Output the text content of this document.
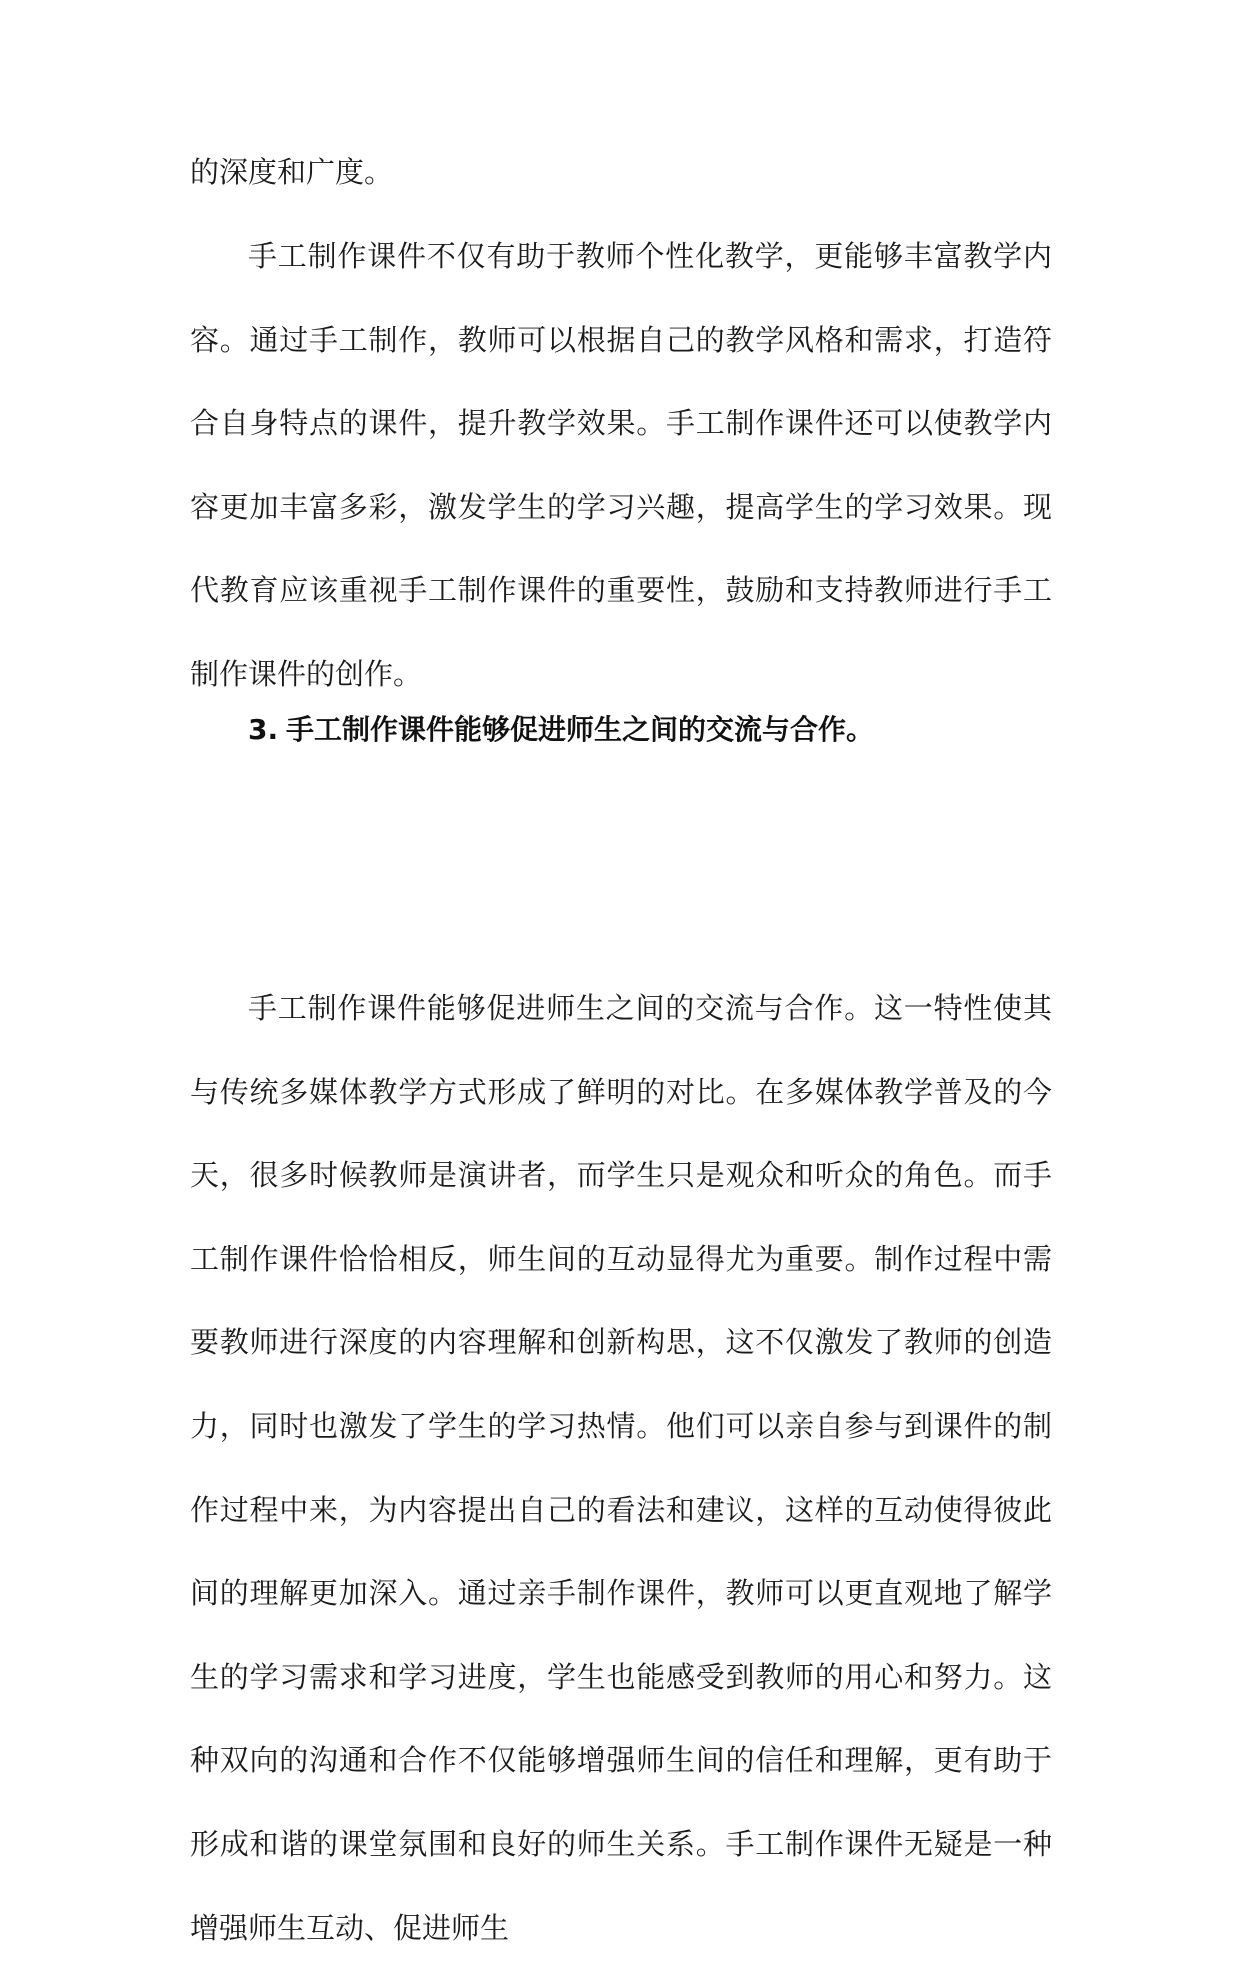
的深度和广度。

手工制作课件不仅有助于教师个性化教学，更能够丰富教学内容。通过手工制作，教师可以根据自己的教学风格和需求，打造符合自身特点的课件，提升教学效果。手工制作课件还可以使教学内容更加丰富多彩，激发学生的学习兴趣，提高学生的学习效果。现代教育应该重视手工制作课件的重要性，鼓励和支持教师进行手工制作课件的创作。

3. 手工制作课件能够促进师生之间的交流与合作。

手工制作课件能够促进师生之间的交流与合作。这一特性使其与传统多媒体教学方式形成了鲜明的对比。在多媒体教学普及的今天，很多时候教师是演讲者，而学生只是观众和听众的角色。而手工制作课件恰恰相反，师生间的互动显得尤为重要。制作过程中需要教师进行深度的内容理解和创新构思，这不仅激发了教师的创造力，同时也激发了学生的学习热情。他们可以亲自参与到课件的制作过程中来，为内容提出自己的看法和建议，这样的互动使得彼此间的理解更加深入。通过亲手制作课件，教师可以更直观地了解学生的学习需求和学习进度，学生也能感受到教师的用心和努力。这种双向的沟通和合作不仅能够增强师生间的信任和理解，更有助于形成和谐的课堂氛围和良好的师生关系。手工制作课件无疑是一种增强师生互动、促进师生
